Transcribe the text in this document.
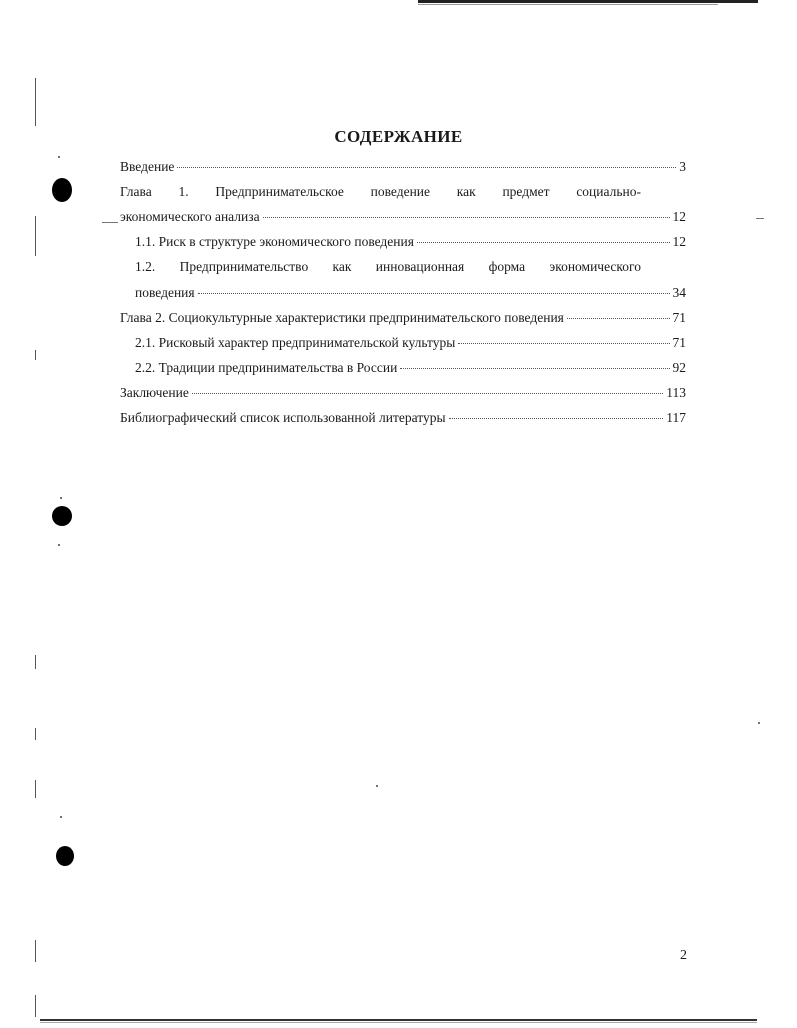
СОДЕРЖАНИЕ
Введение	3
Глава 1. Предпринимательское поведение как предмет социально-
экономического анализа	12
1.1. Риск в структуре экономического поведения	12
1.2. Предпринимательство как инновационная форма экономического
поведения	34
Глава 2. Социокультурные характеристики предпринимательского поведения	71
2.1. Рисковый характер предпринимательской культуры	71
2.2. Традиции предпринимательства в России	92
Заключение	113
Библиографический список использованной литературы	117
2
